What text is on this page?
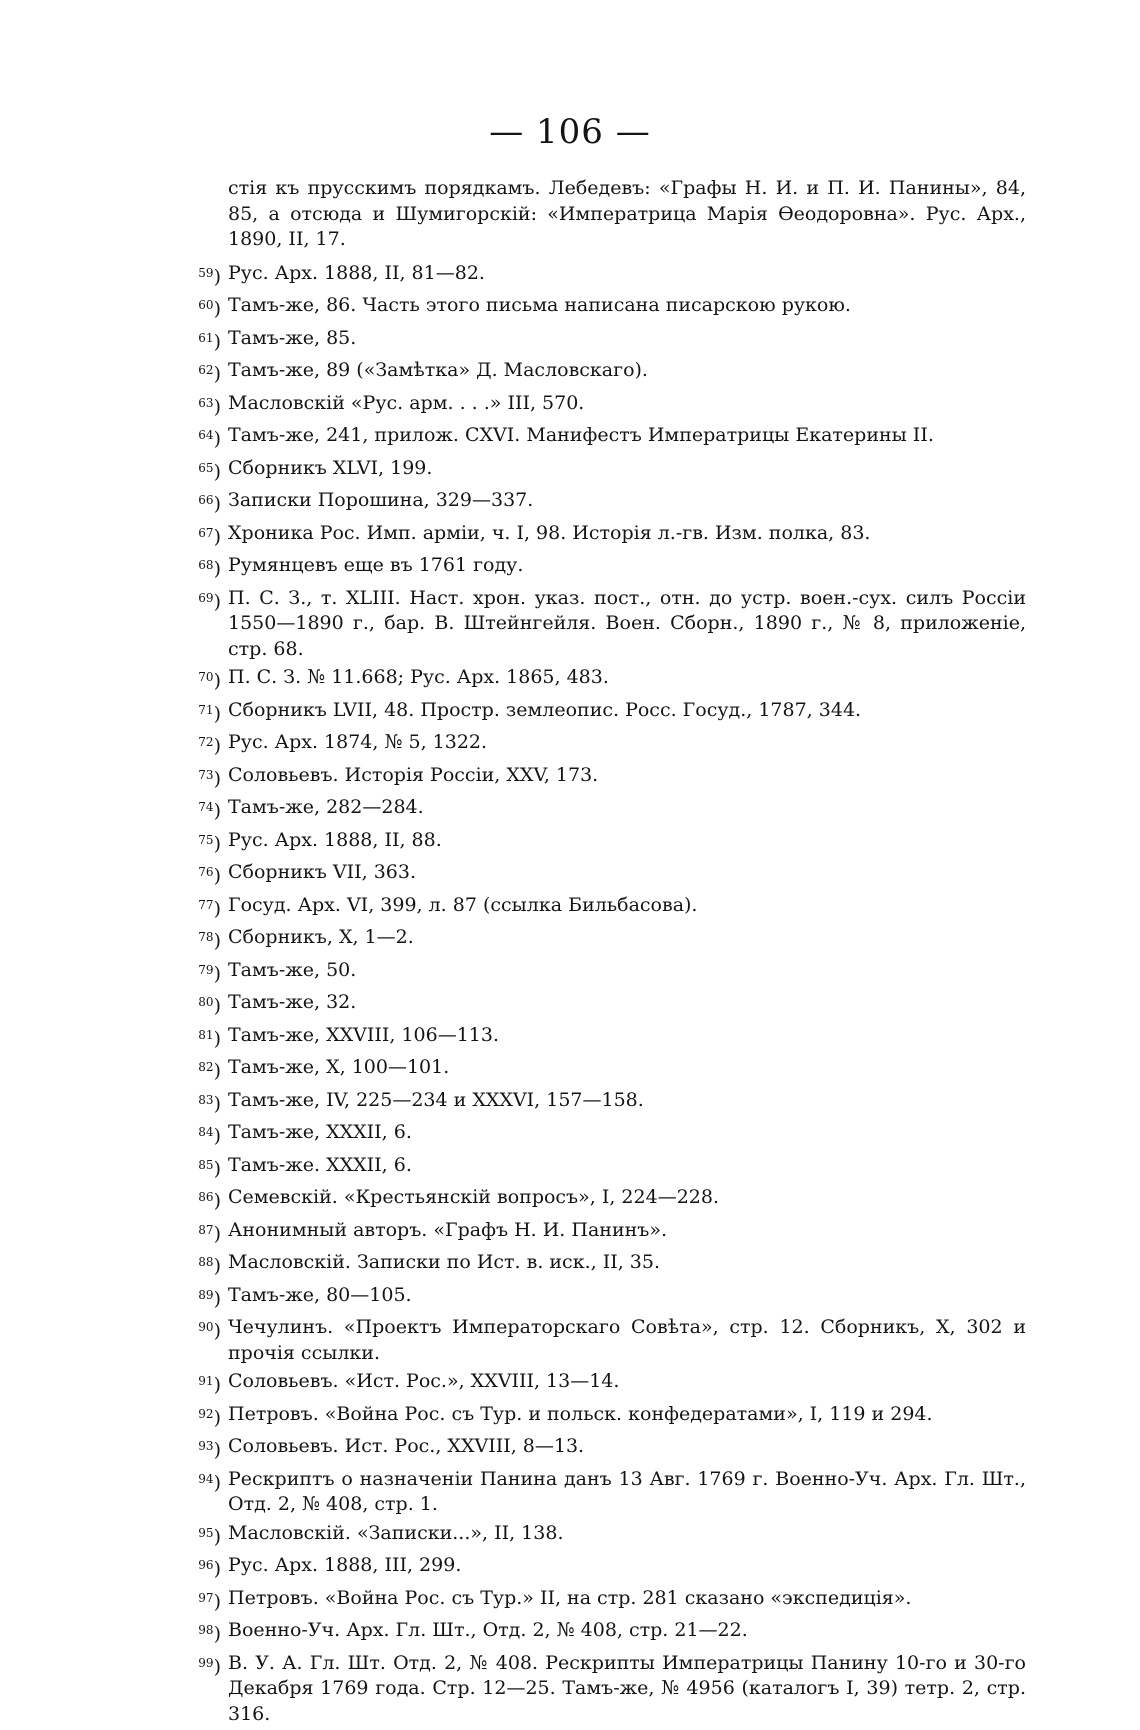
— 106 —
стія къ прусскимъ порядкамъ. Лебедевъ: «Графы Н. И. и П. И. Панины», 84, 85, а отсюда и Шумигорскій: «Императрица Марія Өеодоровна». Рус. Арх., 1890, II, 17.
$^{59}$) Рус. Арх. 1888, II, 81—82.
$^{60}$) Тамъ-же, 86. Часть этого письма написана писарскою рукою.
$^{61}$) Тамъ-же, 85.
$^{62}$) Тамъ-же, 89 («Замѣтка» Д. Масловскаго).
$^{63}$) Масловскій «Рус. арм. . . .» III, 570.
$^{64}$) Тамъ-же, 241, прилож. CXVI. Манифестъ Императрицы Екатерины II.
$^{65}$) Сборникъ XLVI, 199.
$^{66}$) Записки Порошина, 329—337.
$^{67}$) Хроника Рос. Имп. арміи, ч. I, 98. Исторія л.-гв. Изм. полка, 83.
$^{68}$) Румянцевъ еще въ 1761 году.
$^{69}$) П. С. З., т. XLIII. Наст. хрон. указ. пост., отн. до устр. воен.-сух. силъ Россіи 1550—1890 г., бар. В. Штейнгейля. Воен. Сборн., 1890 г., № 8, приложеніе, стр. 68.
$^{70}$) П. С. З. № 11.668; Рус. Арх. 1865, 483.
$^{71}$) Сборникъ LVII, 48. Простр. землеопис. Росс. Госуд., 1787, 344.
$^{72}$) Рус. Арх. 1874, № 5, 1322.
$^{73}$) Соловьевъ. Исторія Россіи, XXV, 173.
$^{74}$) Тамъ-же, 282—284.
$^{75}$) Рус. Арх. 1888, II, 88.
$^{76}$) Сборникъ VII, 363.
$^{77}$) Госуд. Арх. VI, 399, л. 87 (ссылка Бильбасова).
$^{78}$) Сборникъ, X, 1—2.
$^{79}$) Тамъ-же, 50.
$^{80}$) Тамъ-же, 32.
$^{81}$) Тамъ-же, XXVIII, 106—113.
$^{82}$) Тамъ-же, X, 100—101.
$^{83}$) Тамъ-же, IV, 225—234 и XXXVI, 157—158.
$^{84}$) Тамъ-же, XXXII, 6.
$^{85}$) Тамъ-же. XXXII, 6.
$^{86}$) Семевскій. «Крестьянскій вопросъ», I, 224—228.
$^{87}$) Анонимный авторъ. «Графъ Н. И. Панинъ».
$^{88}$) Масловскій. Записки по Ист. в. иск., II, 35.
$^{89}$) Тамъ-же, 80—105.
$^{90}$) Чечулинъ. «Проектъ Императорскаго Совѣта», стр. 12. Сборникъ, X, 302 и прочія ссылки.
$^{91}$) Соловьевъ. «Ист. Рос.», XXVIII, 13—14.
$^{92}$) Петровъ. «Война Рос. съ Тур. и польск. конфедератами», I, 119 и 294.
$^{93}$) Соловьевъ. Ист. Рос., XXVIII, 8—13.
$^{94}$) Рескриптъ о назначеніи Панина данъ 13 Авг. 1769 г. Военно-Уч. Арх. Гл. Шт., Отд. 2, № 408, стр. 1.
$^{95}$) Масловскій. «Записки...», II, 138.
$^{96}$) Рус. Арх. 1888, III, 299.
$^{97}$) Петровъ. «Война Рос. съ Тур.» II, на стр. 281 сказано «экспедиція».
$^{98}$) Военно-Уч. Арх. Гл. Шт., Отд. 2, № 408, стр. 21—22.
$^{99}$) В. У. А. Гл. Шт. Отд. 2, № 408. Рескрипты Императрицы Панину 10-го и 30-го Декабря 1769 года. Стр. 12—25. Тамъ-же, № 4956 (каталогъ I, 39) тетр. 2, стр. 316.
